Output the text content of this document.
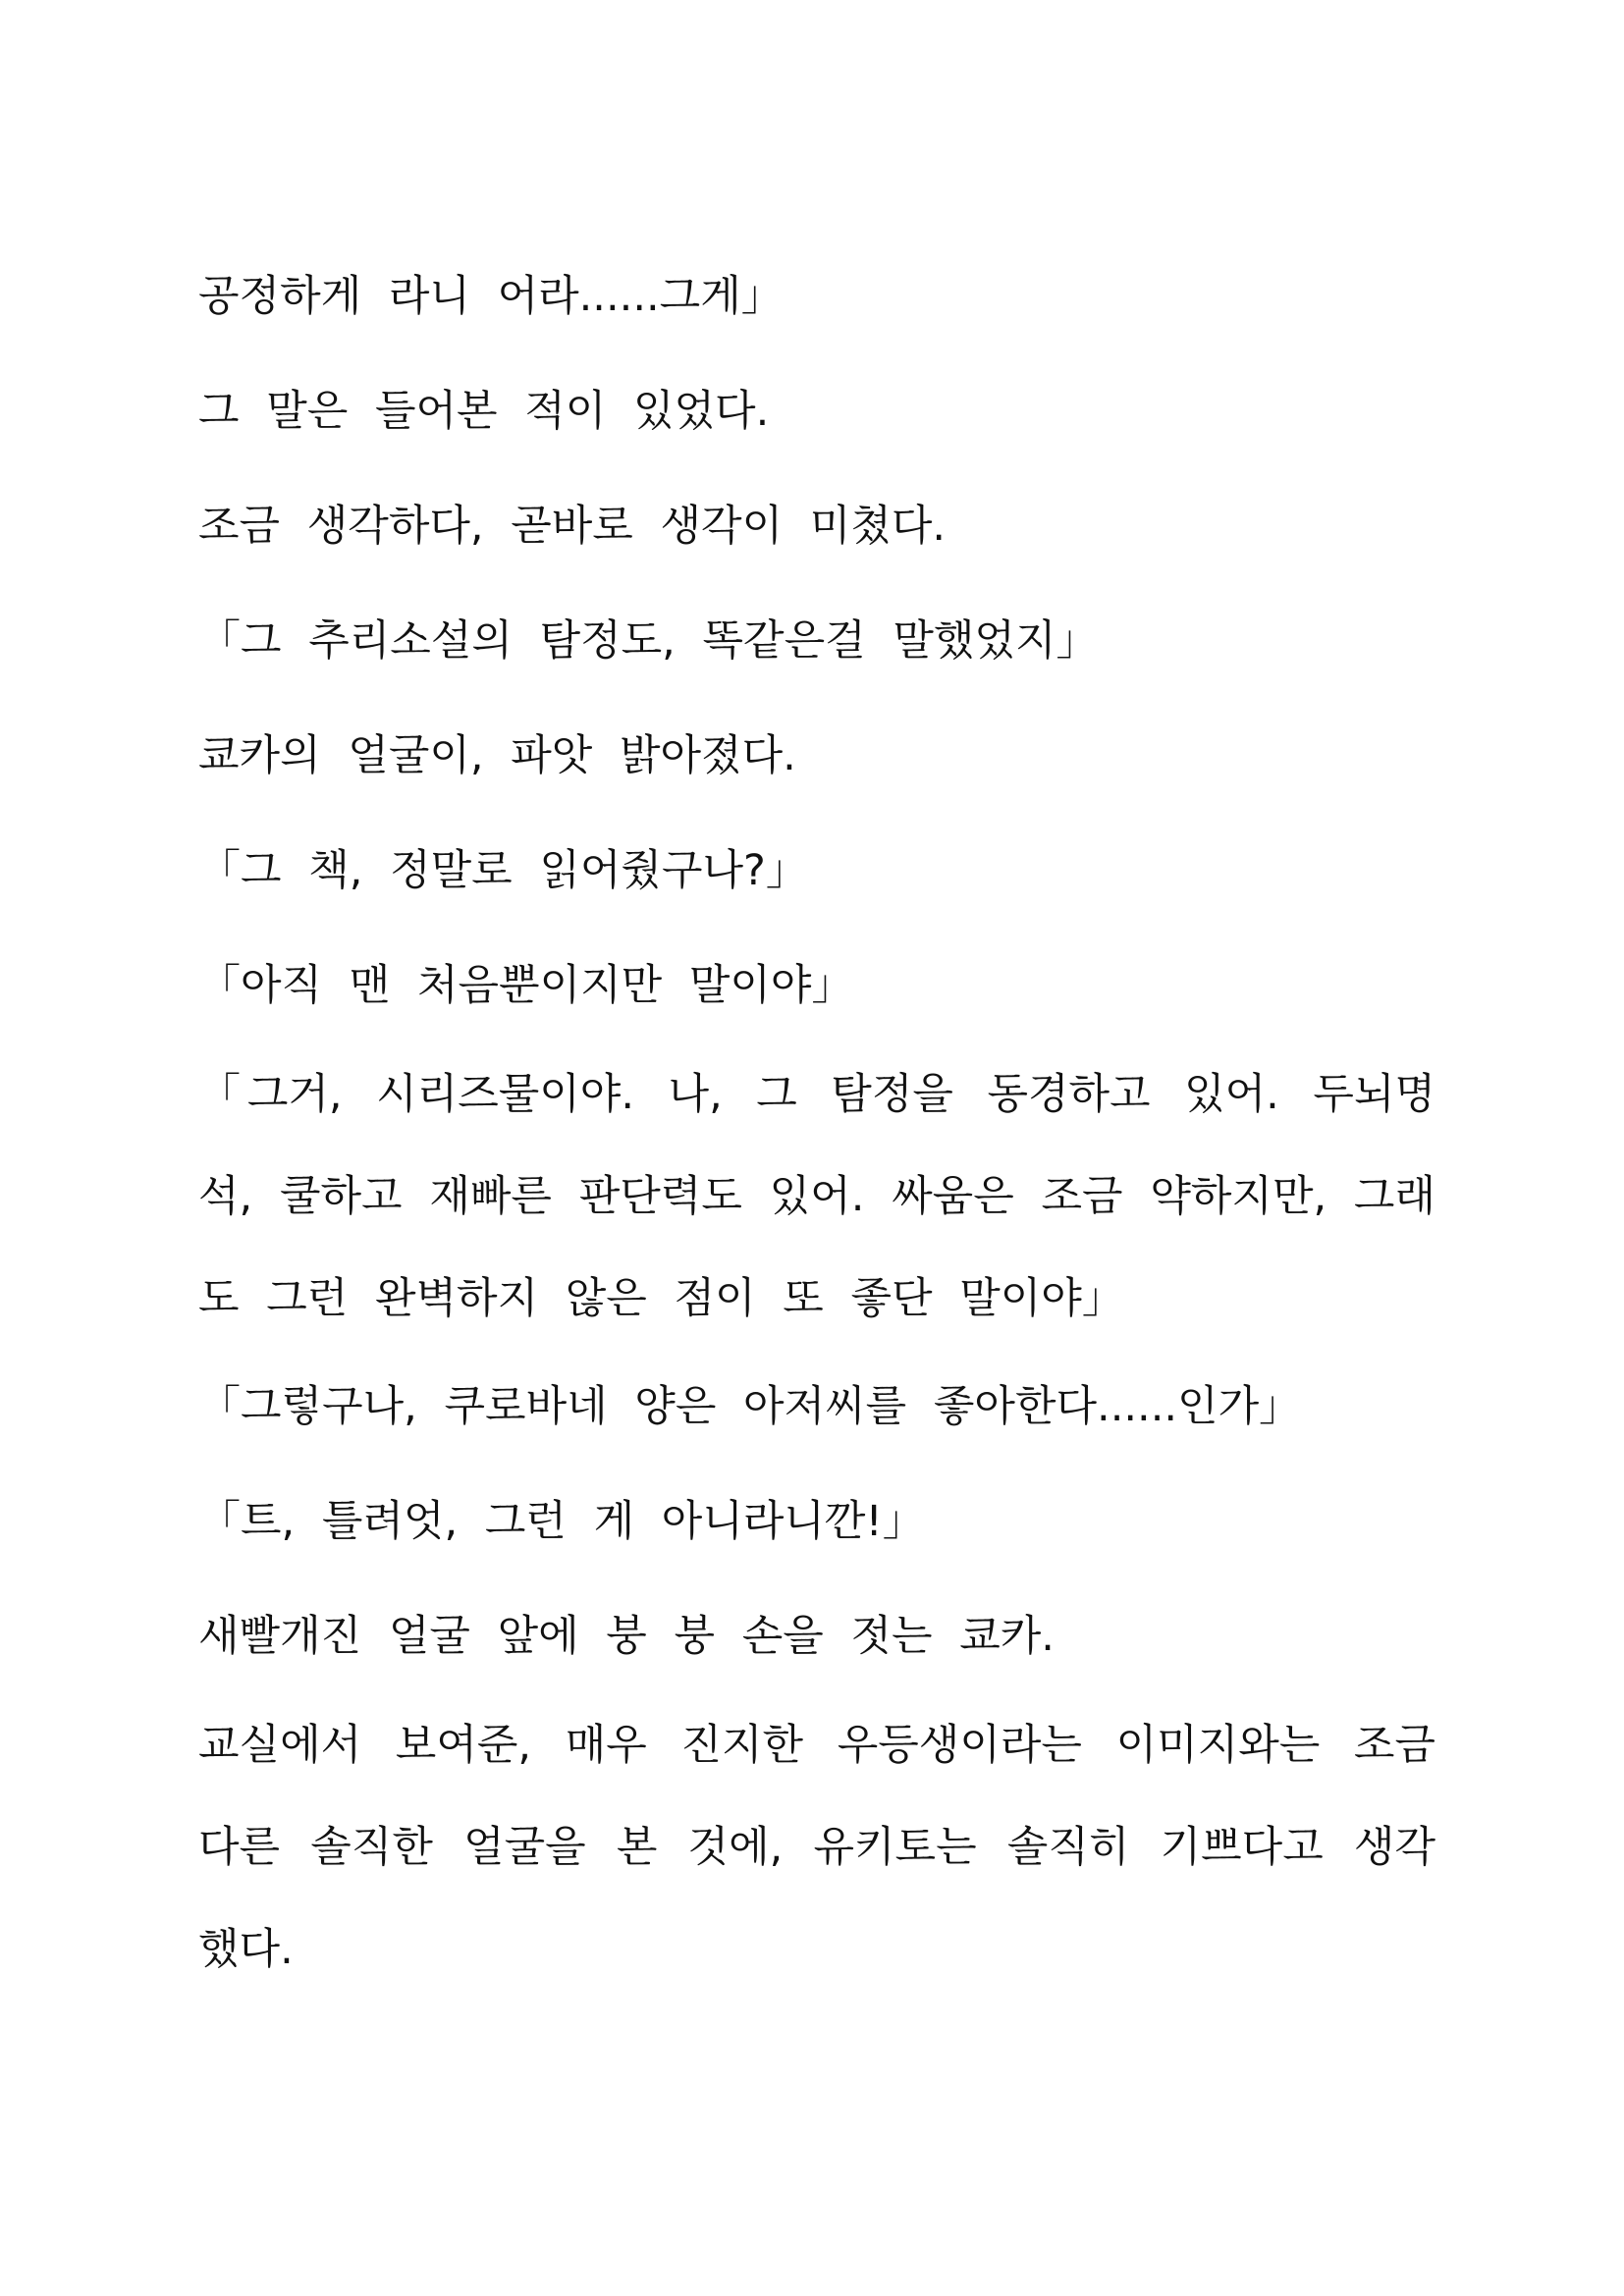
공정하게 라니 어라......그게」

그 말은 들어본 적이 있었다.

조금 생각하다, 곧바로 생각이 미쳤다.

「그 추리소설의 탐정도, 똑같은걸 말했었지」

쿄카의 얼굴이, 파앗 밝아졌다.

「그 책, 정말로 읽어줬구나?」

「아직 맨 처음뿐이지만 말이야」

「그거, 시리즈물이야. 나, 그 탐정을 동경하고 있어. 두뇌명석, 쿨하고 재빠른 판단력도 있어. 싸움은 조금 약하지만, 그래도 그런 완벽하지 않은 점이 또 좋단 말이야」

「그렇구나, 쿠로바네 양은 아저씨를 좋아한다......인가」

「트, 틀려엇, 그런 게 아니라니깐!」

새빨개진 얼굴 앞에 붕 붕 손을 젓는 쿄카.

교실에서 보여준, 매우 진지한 우등생이라는 이미지와는 조금 다른 솔직한 얼굴을 본 것에, 유키토는 솔직히 기쁘다고 생각했다.
